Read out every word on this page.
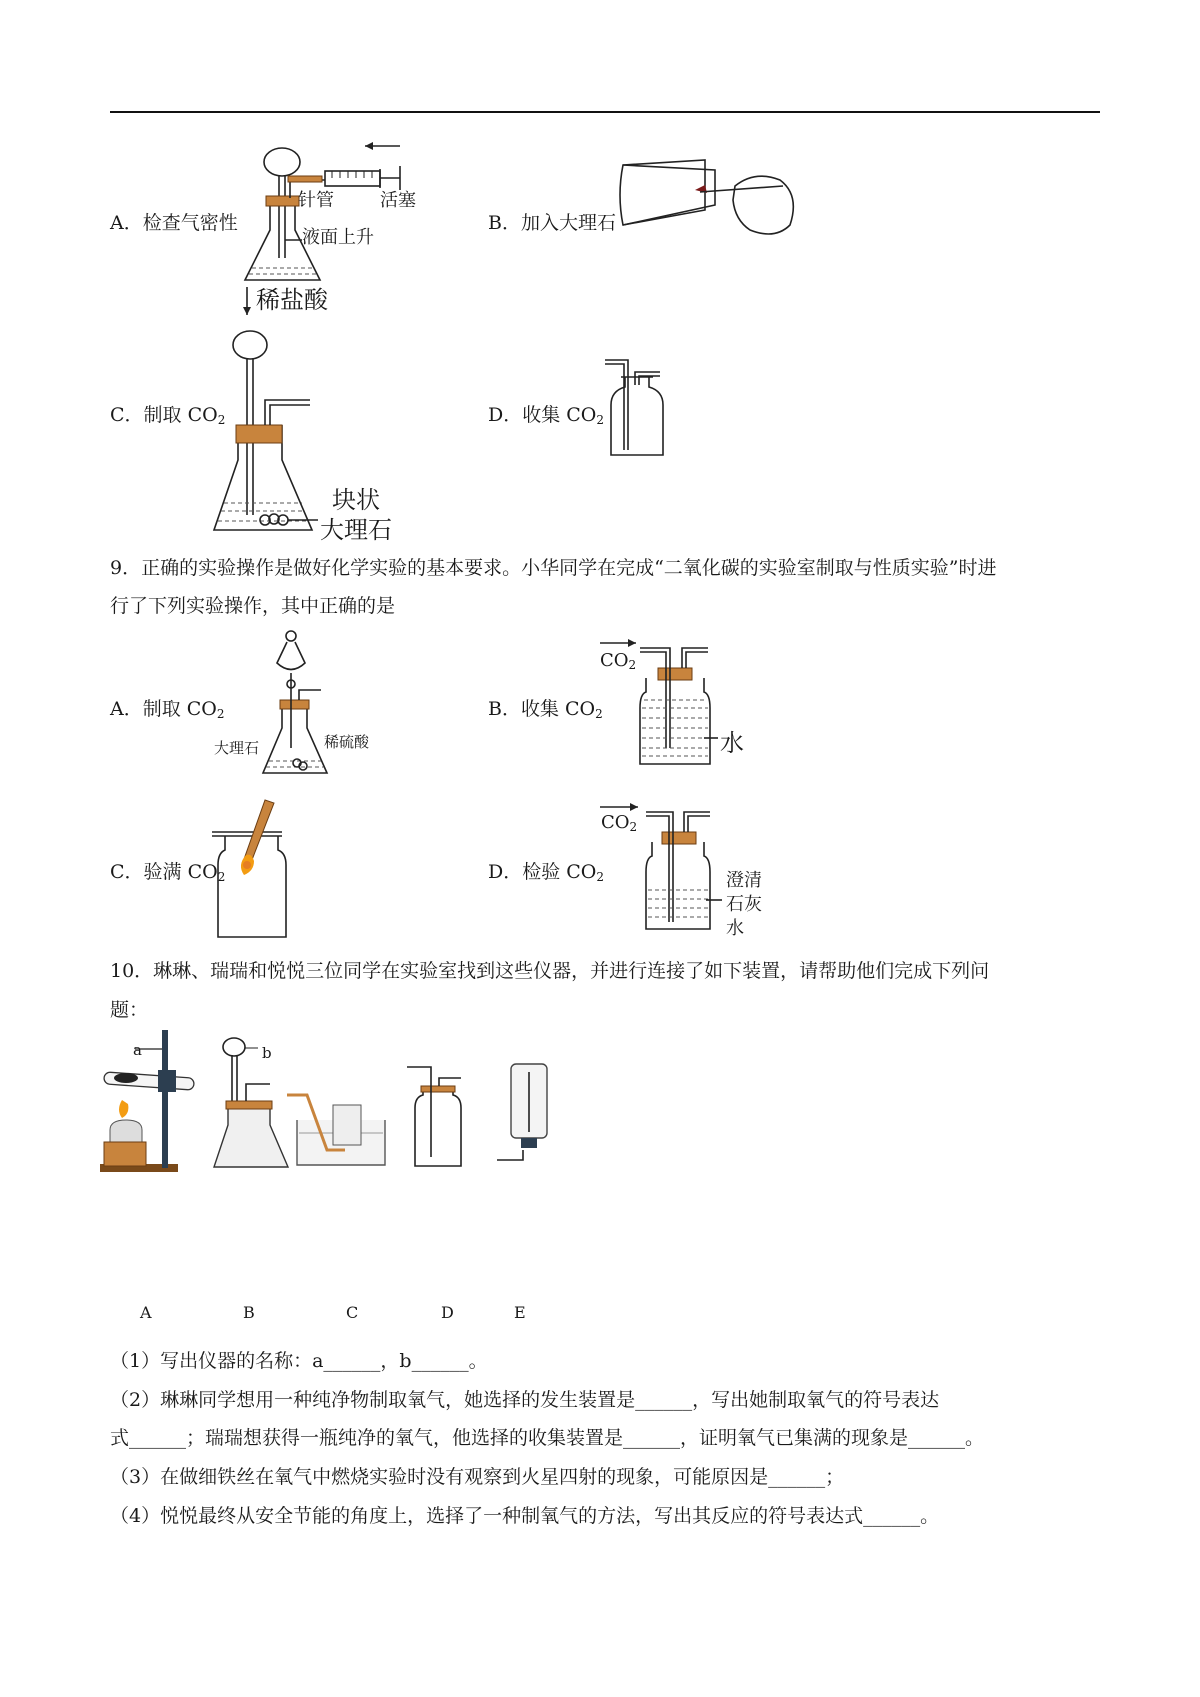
A．检查气密性
针管	活塞
液面上升
B．加入大理石
稀盐酸
C．制取 $CO_2$
块状
大理石
D．收集 $CO_2$
9．正确的实验操作是做好化学实验的基本要求。小华同学在完成“二氧化碳的实验室制取与性质实验”时进
行了下列实验操作，其中正确的是
A．制取 $CO_2$
大理石	稀硫酸
B．收集 $CO_2$
$CO_2$
水
C．验满 $CO_2$	D．检验 $CO_2$
$CO_2$
澄清
石灰
水
10．琳琳、瑞瑞和悦悦三位同学在实验室找到这些仪器，并进行连接了如下装置，请帮助他们完成下列问
题：
a	b
A	B	C	D	E
（1）写出仪器的名称：a______，b______。
（2）琳琳同学想用一种纯净物制取氧气，她选择的发生装置是______，写出她制取氧气的符号表达
式______；瑞瑞想获得一瓶纯净的氧气，他选择的收集装置是______，证明氧气已集满的现象是______。
（3）在做细铁丝在氧气中燃烧实验时没有观察到火星四射的现象，可能原因是______；
（4）悦悦最终从安全节能的角度上，选择了一种制氧气的方法，写出其反应的符号表达式______。
